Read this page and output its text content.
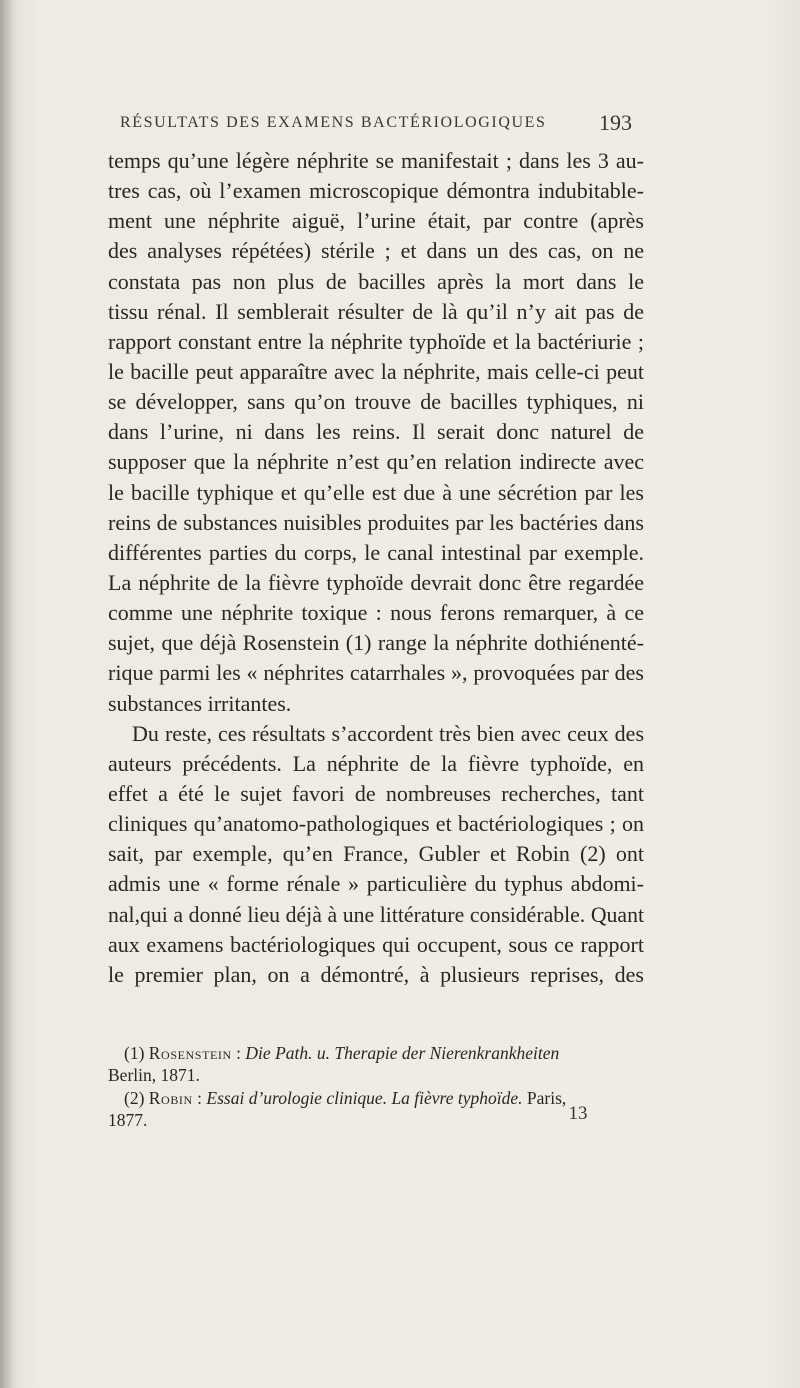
RÉSULTATS DES EXAMENS BACTÉRIOLOGIQUES	193
temps qu’une légère néphrite se manifestait ; dans les 3 au-
tres cas, où l’examen microscopique démontra indubitable-
ment une néphrite aiguë, l’urine était, par contre (après
des analyses répétées) stérile ; et dans un des cas, on ne
constata pas non plus de bacilles après la mort dans le
tissu rénal. Il semblerait résulter de là qu’il n’y ait pas de
rapport constant entre la néphrite typhoïde et la bactériurie ;
le bacille peut apparaître avec la néphrite, mais celle-ci peut
se développer, sans qu’on trouve de bacilles typhiques, ni
dans l’urine, ni dans les reins. Il serait donc naturel de
supposer que la néphrite n’est qu’en relation indirecte avec
le bacille typhique et qu’elle est due à une sécrétion par les
reins de substances nuisibles produites par les bactéries dans
différentes parties du corps, le canal intestinal par exemple.
La néphrite de la fièvre typhoïde devrait donc être regardée
comme une néphrite toxique : nous ferons remarquer, à ce
sujet, que déjà Rosenstein (1) range la néphrite dothiénenté-
rique parmi les « néphrites catarrhales », provoquées par des
substances irritantes.
Du reste, ces résultats s’accordent très bien avec ceux des
auteurs précédents. La néphrite de la fièvre typhoïde, en
effet a été le sujet favori de nombreuses recherches, tant
cliniques qu’anatomo-pathologiques et bactériologiques ; on
sait, par exemple, qu’en France, Gubler et Robin (2) ont
admis une « forme rénale » particulière du typhus abdomi-
nal,qui a donné lieu déjà à une littérature considérable. Quant
aux examens bactériologiques qui occupent, sous ce rapport
le premier plan, on a démontré, à plusieurs reprises, des
(1) Rosenstein : Die Path. u. Therapie der Nierenkrankheiten
Berlin, 1871.
(2) Robin : Essai d’urologie clinique. La fièvre typhoïde. Paris,
1877.	13
